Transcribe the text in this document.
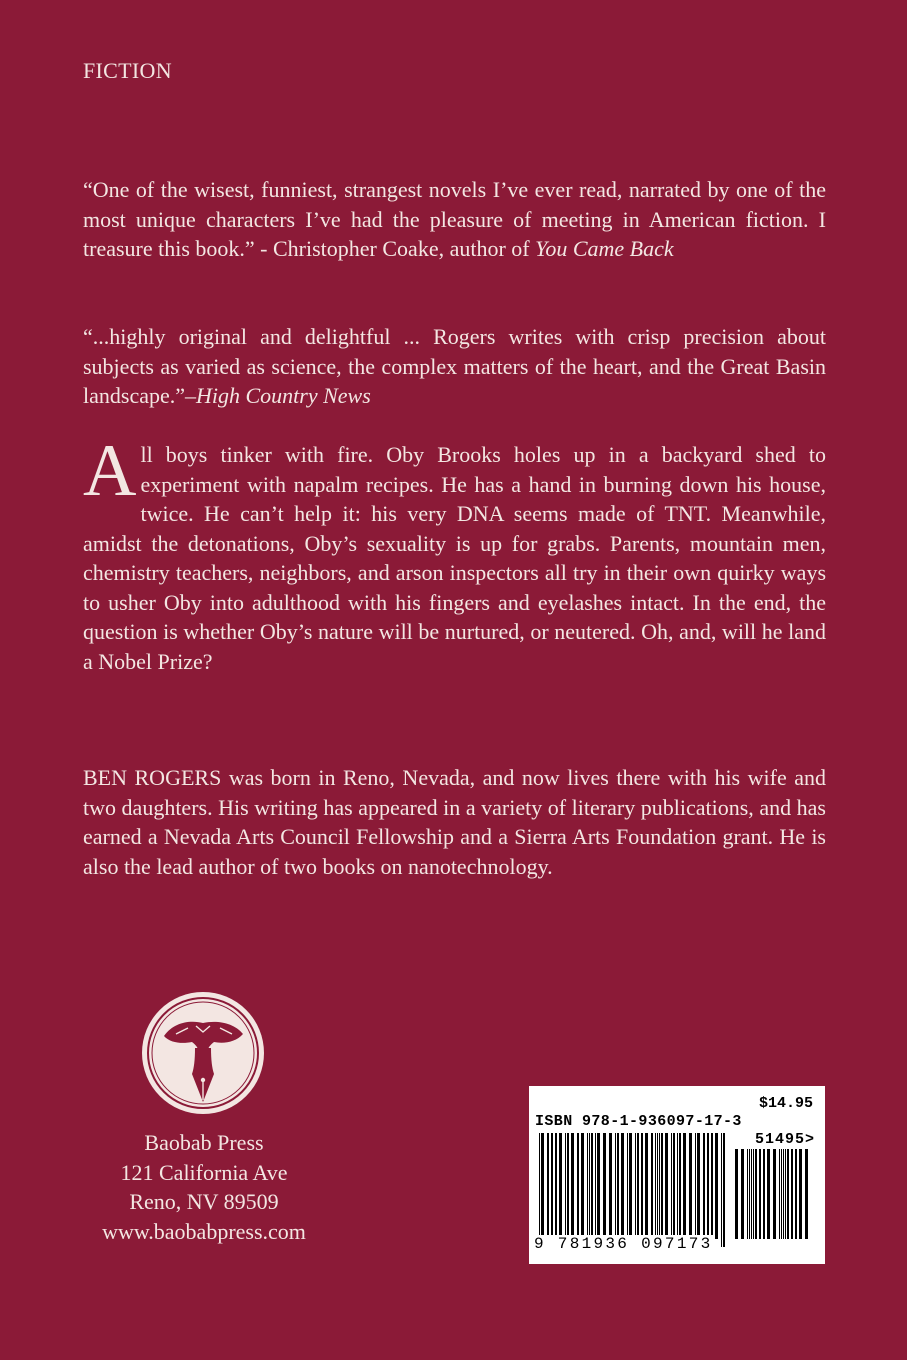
FICTION

“One of the wisest, funniest, strangest novels I’ve ever read, narrated by one of the most unique characters I’ve had the pleasure of meeting in American fiction. I treasure this book.” - Christopher Coake, author of You Came Back

“...highly original and delightful ... Rogers writes with crisp precision about subjects as varied as science, the complex matters of the heart, and the Great Basin landscape.”–High Country News

All boys tinker with fire. Oby Brooks holes up in a backyard shed to experiment with napalm recipes. He has a hand in burning down his house, twice. He can’t help it: his very DNA seems made of TNT. Meanwhile, amidst the detonations, Oby’s sexuality is up for grabs. Parents, mountain men, chemistry teachers, neighbors, and arson inspectors all try in their own quirky ways to usher Oby into adulthood with his fingers and eyelashes intact. In the end, the question is whether Oby’s nature will be nurtured, or neutered. Oh, and, will he land a Nobel Prize?

BEN ROGERS was born in Reno, Nevada, and now lives there with his wife and two daughters. His writing has appeared in a variety of literary publications, and has earned a Nevada Arts Council Fellowship and a Sierra Arts Foundation grant. He is also the lead author of two books on nanotechnology.

Baobab Press
121 California Ave
Reno, NV 89509
www.baobabpress.com
$14.95
ISBN 978-1-936097-17-3
51495>
9 781936 097173
